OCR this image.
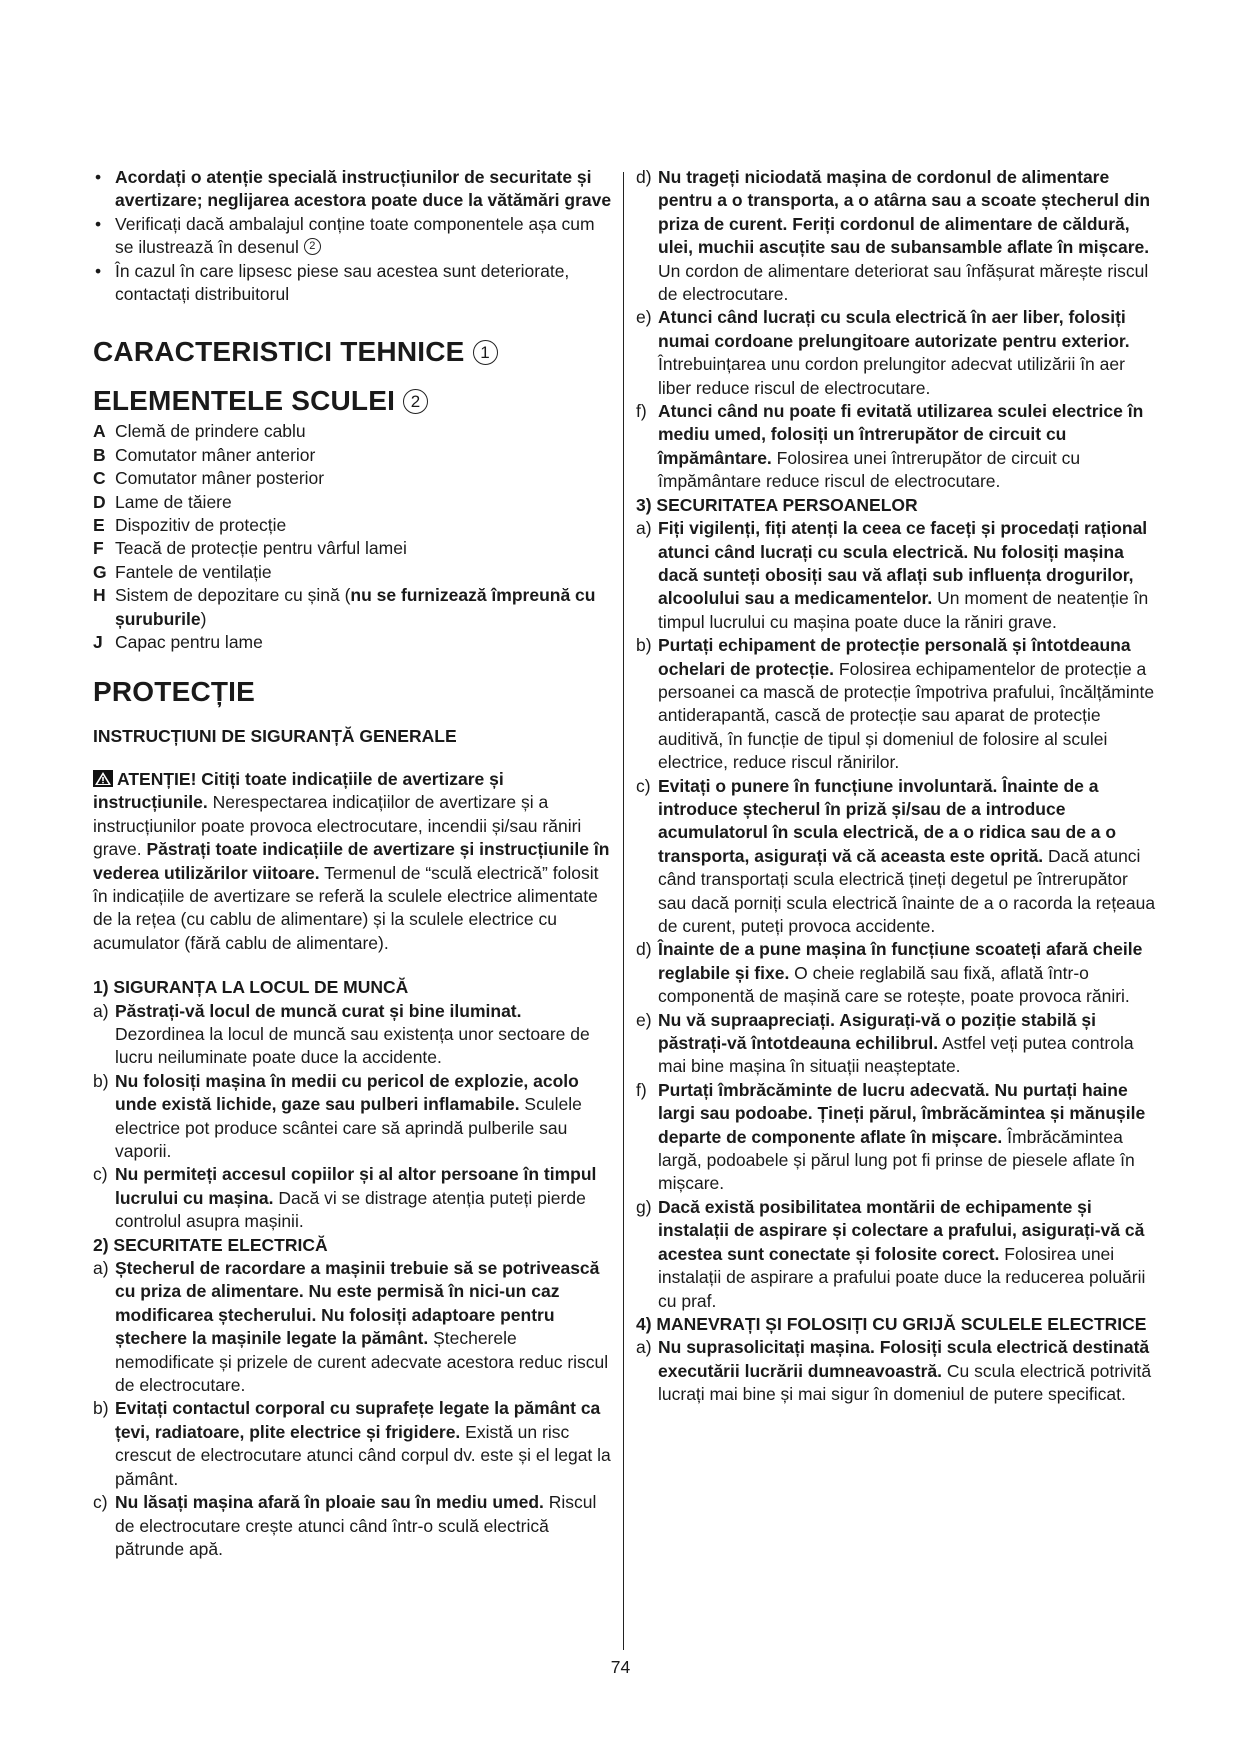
• Acordați o atenție specială instrucțiunilor de securitate și avertizare; neglijarea acestora poate duce la vătămări grave
• Verificați dacă ambalajul conține toate componentele așa cum se ilustrează în desenul 2
• În cazul în care lipsesc piese sau acestea sunt deteriorate, contactați distribuitorul
CARACTERISTICI TEHNICE 1
ELEMENTELE SCULEI 2
A Clemă de prindere cablu
B Comutator mâner anterior
C Comutator mâner posterior
D Lame de tăiere
E Dispozitiv de protecție
F Teacă de protecție pentru vârful lamei
G Fantele de ventilație
H Sistem de depozitare cu șină (nu se furnizează împreună cu șuruburile)
J Capac pentru lame
PROTECȚIE
INSTRUCȚIUNI DE SIGURANȚĂ GENERALE

ATENȚIE! Citiți toate indicațiile de avertizare și instrucțiunile. Nerespectarea indicațiilor de avertizare și a instrucțiunilor poate provoca electrocutare, incendii și/sau răniri grave. Păstrați toate indicațiile de avertizare și instrucțiunile în vederea utilizărilor viitoare. Termenul de “sculă electrică” folosit în indicațiile de avertizare se referă la sculele electrice alimentate de la rețea (cu cablu de alimentare) și la sculele electrice cu acumulator (fără cablu de alimentare).

1) SIGURANȚA LA LOCUL DE MUNCĂ
a) Păstrați-vă locul de muncă curat și bine iluminat. Dezordinea la locul de muncă sau existența unor sectoare de lucru neiluminate poate duce la accidente.
b) Nu folosiți mașina în medii cu pericol de explozie, acolo unde există lichide, gaze sau pulberi inflamabile. Sculele electrice pot produce scântei care să aprindă pulberile sau vaporii.
c) Nu permiteți accesul copiilor și al altor persoane în timpul lucrului cu mașina. Dacă vi se distrage atenția puteți pierde controlul asupra mașinii.
2) SECURITATE ELECTRICĂ
a) Ștecherul de racordare a mașinii trebuie să se potrivească cu priza de alimentare. Nu este permisă în nici-un caz modificarea ștecherului. Nu folosiți adaptoare pentru ștechere la mașinile legate la pământ. Ștecherele nemodificate și prizele de curent adecvate acestora reduc riscul de electrocutare.
b) Evitați contactul corporal cu suprafețe legate la pământ ca țevi, radiatoare, plite electrice și frigidere. Există un risc crescut de electrocutare atunci când corpul dv. este și el legat la pământ.
c) Nu lăsați mașina afară în ploaie sau în mediu umed. Riscul de electrocutare crește atunci când într-o sculă electrică pătrunde apă.
d) Nu trageți niciodată mașina de cordonul de alimentare pentru a o transporta, a o atârna sau a scoate ștecherul din priza de curent. Feriți cordonul de alimentare de căldură, ulei, muchii ascuțite sau de subansamble aflate în mișcare. Un cordon de alimentare deteriorat sau înfășurat mărește riscul de electrocutare.
e) Atunci când lucrați cu scula electrică în aer liber, folosiți numai cordoane prelungitoare autorizate pentru exterior. Întrebuințarea unu cordon prelungitor adecvat utilizării în aer liber reduce riscul de electrocutare.
f) Atunci când nu poate fi evitată utilizarea sculei electrice în mediu umed, folosiți un întrerupător de circuit cu împământare. Folosirea unei întrerupător de circuit cu împământare reduce riscul de electrocutare.
3) SECURITATEA PERSOANELOR
a) Fiți vigilenți, fiți atenți la ceea ce faceți și procedați rațional atunci când lucrați cu scula electrică. Nu folosiți mașina dacă sunteți obosiți sau vă aflați sub influența drogurilor, alcoolului sau a medicamentelor. Un moment de neatenție în timpul lucrului cu mașina poate duce la răniri grave.
b) Purtați echipament de protecție personală și întotdeauna ochelari de protecție. Folosirea echipamentelor de protecție a persoanei ca mască de protecție împotriva prafului, încălțăminte antiderapantă, cască de protecție sau aparat de protecție auditivă, în funcție de tipul și domeniul de folosire al sculei electrice, reduce riscul rănirilor.
c) Evitați o punere în funcțiune involuntară. Înainte de a introduce ștecherul în priză și/sau de a introduce acumulatorul în scula electrică, de a o ridica sau de a o transporta, asigurați vă că aceasta este oprită. Dacă atunci când transportați scula electrică țineți degetul pe întrerupător sau dacă porniți scula electrică înainte de a o racorda la rețeaua de curent, puteți provoca accidente.
d) Înainte de a pune mașina în funcțiune scoateți afară cheile reglabile și fixe. O cheie reglabilă sau fixă, aflată într-o componentă de mașină care se rotește, poate provoca răniri.
e) Nu vă supraapreciați. Asigurați-vă o poziție stabilă și păstrați-vă întotdeauna echilibrul. Astfel veți putea controla mai bine mașina în situații neașteptate.
f) Purtați îmbrăcăminte de lucru adecvată. Nu purtați haine largi sau podoabe. Țineți părul, îmbrăcămintea și mănușile departe de componente aflate în mișcare. Îmbrăcămintea largă, podoabele și părul lung pot fi prinse de piesele aflate în mișcare.
g) Dacă există posibilitatea montării de echipamente și instalații de aspirare și colectare a prafului, asigurați-vă că acestea sunt conectate și folosite corect. Folosirea unei instalații de aspirare a prafului poate duce la reducerea poluării cu praf.
4) MANEVRAȚI ȘI FOLOSIȚI CU GRIJĂ SCULELE ELECTRICE
a) Nu suprasolicitați mașina. Folosiți scula electrică destinată executării lucrării dumneavoastră. Cu scula electrică potrivită lucrați mai bine și mai sigur în domeniul de putere specificat.
74
